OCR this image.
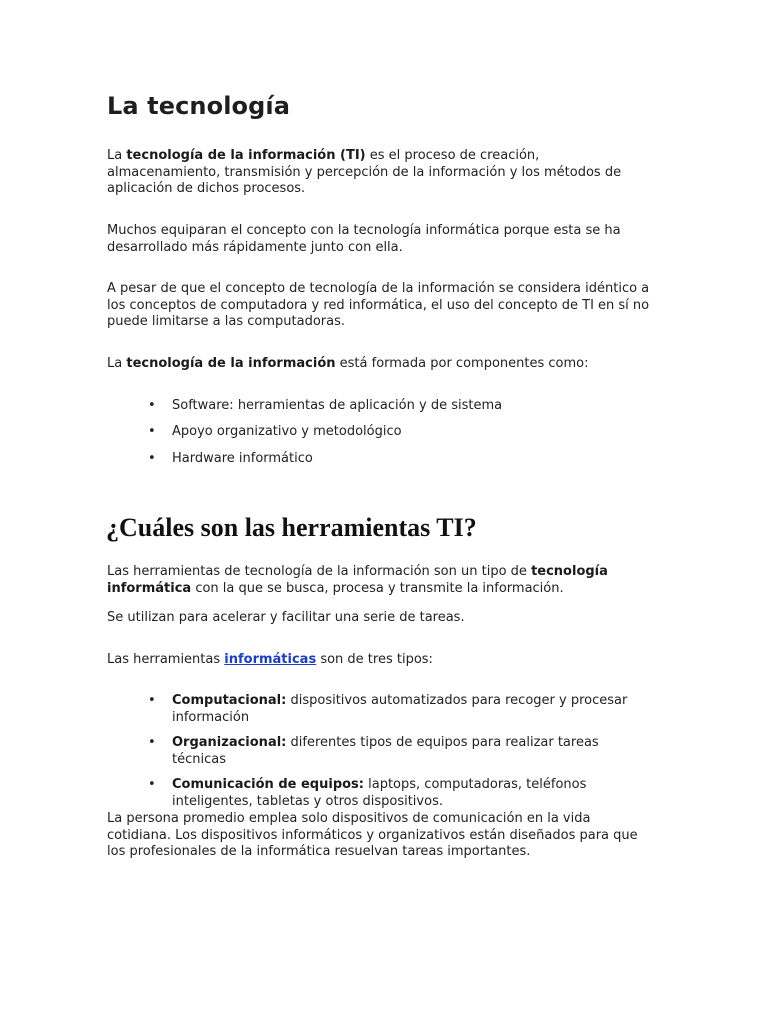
La tecnología

La tecnología de la información (TI) es el proceso de creación,

almacenamiento, transmisión y percepción de la información y los métodos de

aplicación de dichos procesos.

Muchos equiparan el concepto con la tecnología informática porque esta se ha

desarrollado más rápidamente junto con ella.

A pesar de que el concepto de tecnología de la información se considera idéntico a

los conceptos de computadora y red informática, el uso del concepto de TI en sí no

puede limitarse a las computadoras.

La tecnología de la información está formada por componentes como:

• Software: herramientas de aplicación y de sistema
• Apoyo organizativo y metodológico
• Hardware informático
¿Cuáles son las herramientas TI?

Las herramientas de tecnología de la información son un tipo de tecnología

informática con la que se busca, procesa y transmite la información.

Se utilizan para acelerar y facilitar una serie de tareas.

Las herramientas informáticas son de tres tipos:

• Computacional: dispositivos automatizados para recoger y procesar
información
• Organizacional: diferentes tipos de equipos para realizar tareas
técnicas
• Comunicación de equipos: laptops, computadoras, teléfonos
inteligentes, tabletas y otros dispositivos.

La persona promedio emplea solo dispositivos de comunicación en la vida

cotidiana. Los dispositivos informáticos y organizativos están diseñados para que

los profesionales de la informática resuelvan tareas importantes.
